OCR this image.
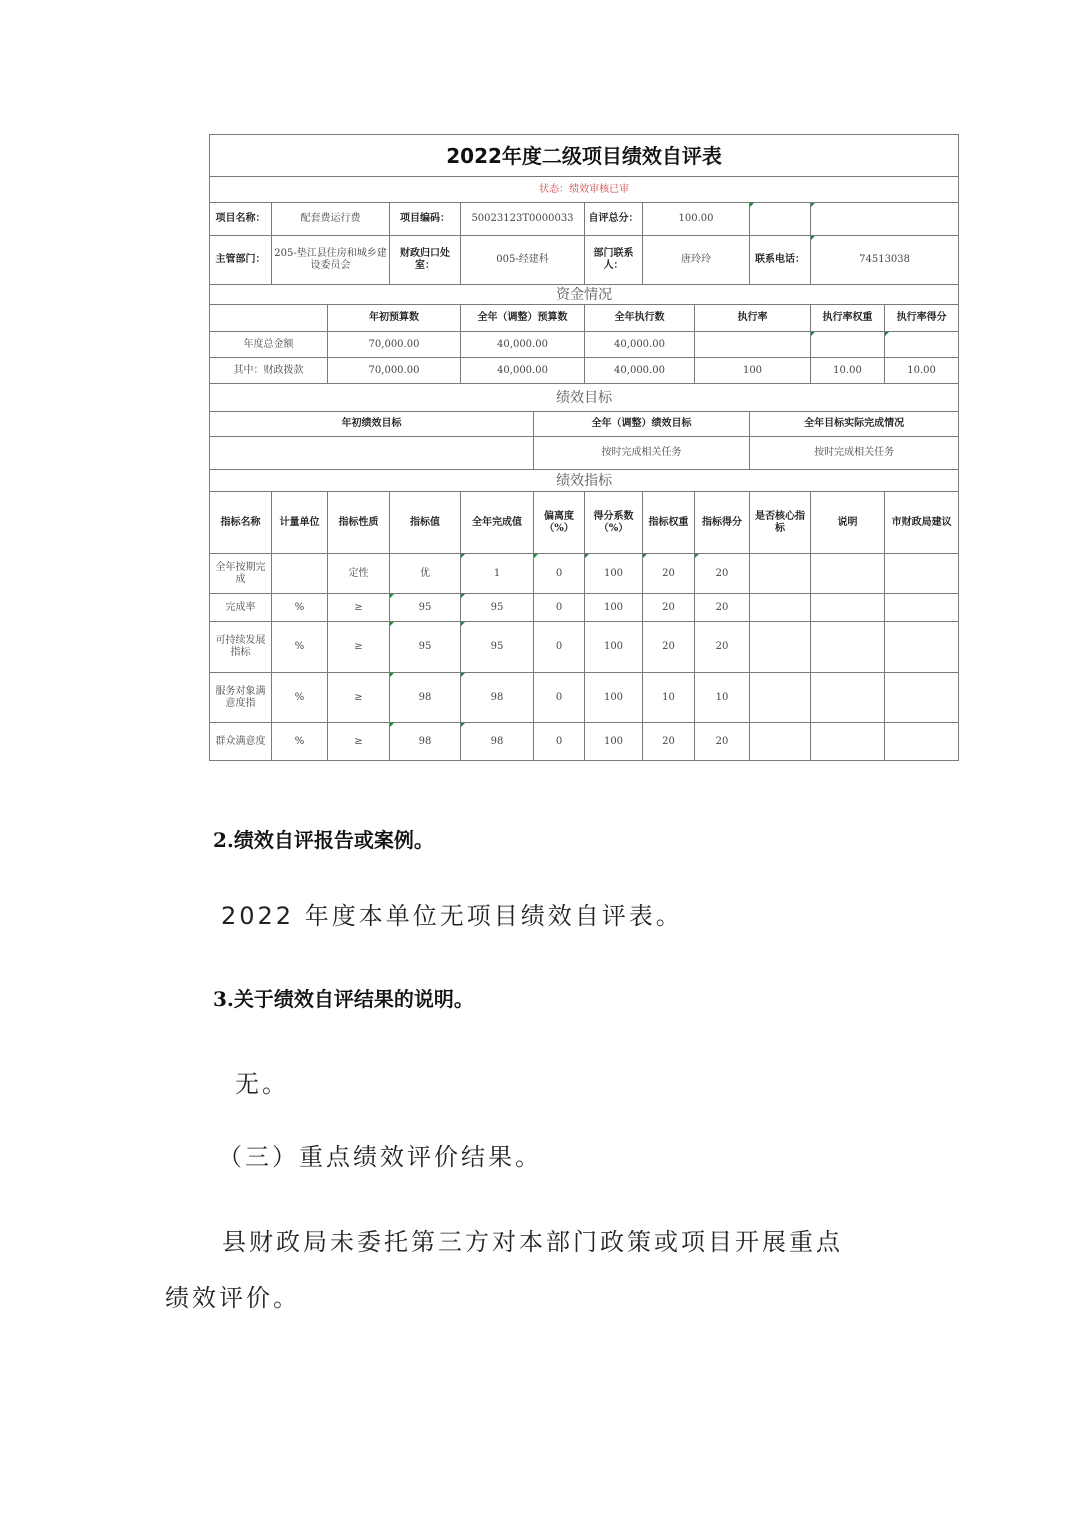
2022年度二级项目绩效自评表											
状态：绩效审核已审											
项目名称：	配套费运行费		项目编码：	50023123T0000033		自评总分：	100.00				
主管部门：	205-垫江县住房和城乡建设委员会		财政归口处室：	005-经建科		部门联系人：	唐玲玲		联系电话：	74513038	
资金情况											
		年初预算数		全年（调整）预算数		全年执行数		执行率		执行率权重	执行率得分
年度总金额		70,000.00		40,000.00		40,000.00					
其中：财政拨款		70,000.00		40,000.00		40,000.00		100		10.00	10.00
绩效目标											
年初绩效目标					全年（调整）绩效目标				全年目标实际完成情况		
					按时完成相关任务				按时完成相关任务		
绩效指标											
指标名称	计量单位	指标性质	指标值	全年完成值	偏离度（%）	得分系数（%）	指标权重	指标得分	是否核心指标	说明	市财政局建议
全年按期完成		定性	优	1	0	100	20	20			
完成率	%	≥	95	95	0	100	20	20			
可持续发展指标	%	≥	95	95	0	100	20	20			
服务对象满意度指	%	≥	98	98	0	100	10	10			
群众满意度	%	≥	98	98	0	100	20	20			

2.绩效自评报告或案例。

2022 年度本单位无项目绩效自评表。

3.关于绩效自评结果的说明。

无。

（三）重点绩效评价结果。

县财政局未委托第三方对本部门政策或项目开展重点

绩效评价。
